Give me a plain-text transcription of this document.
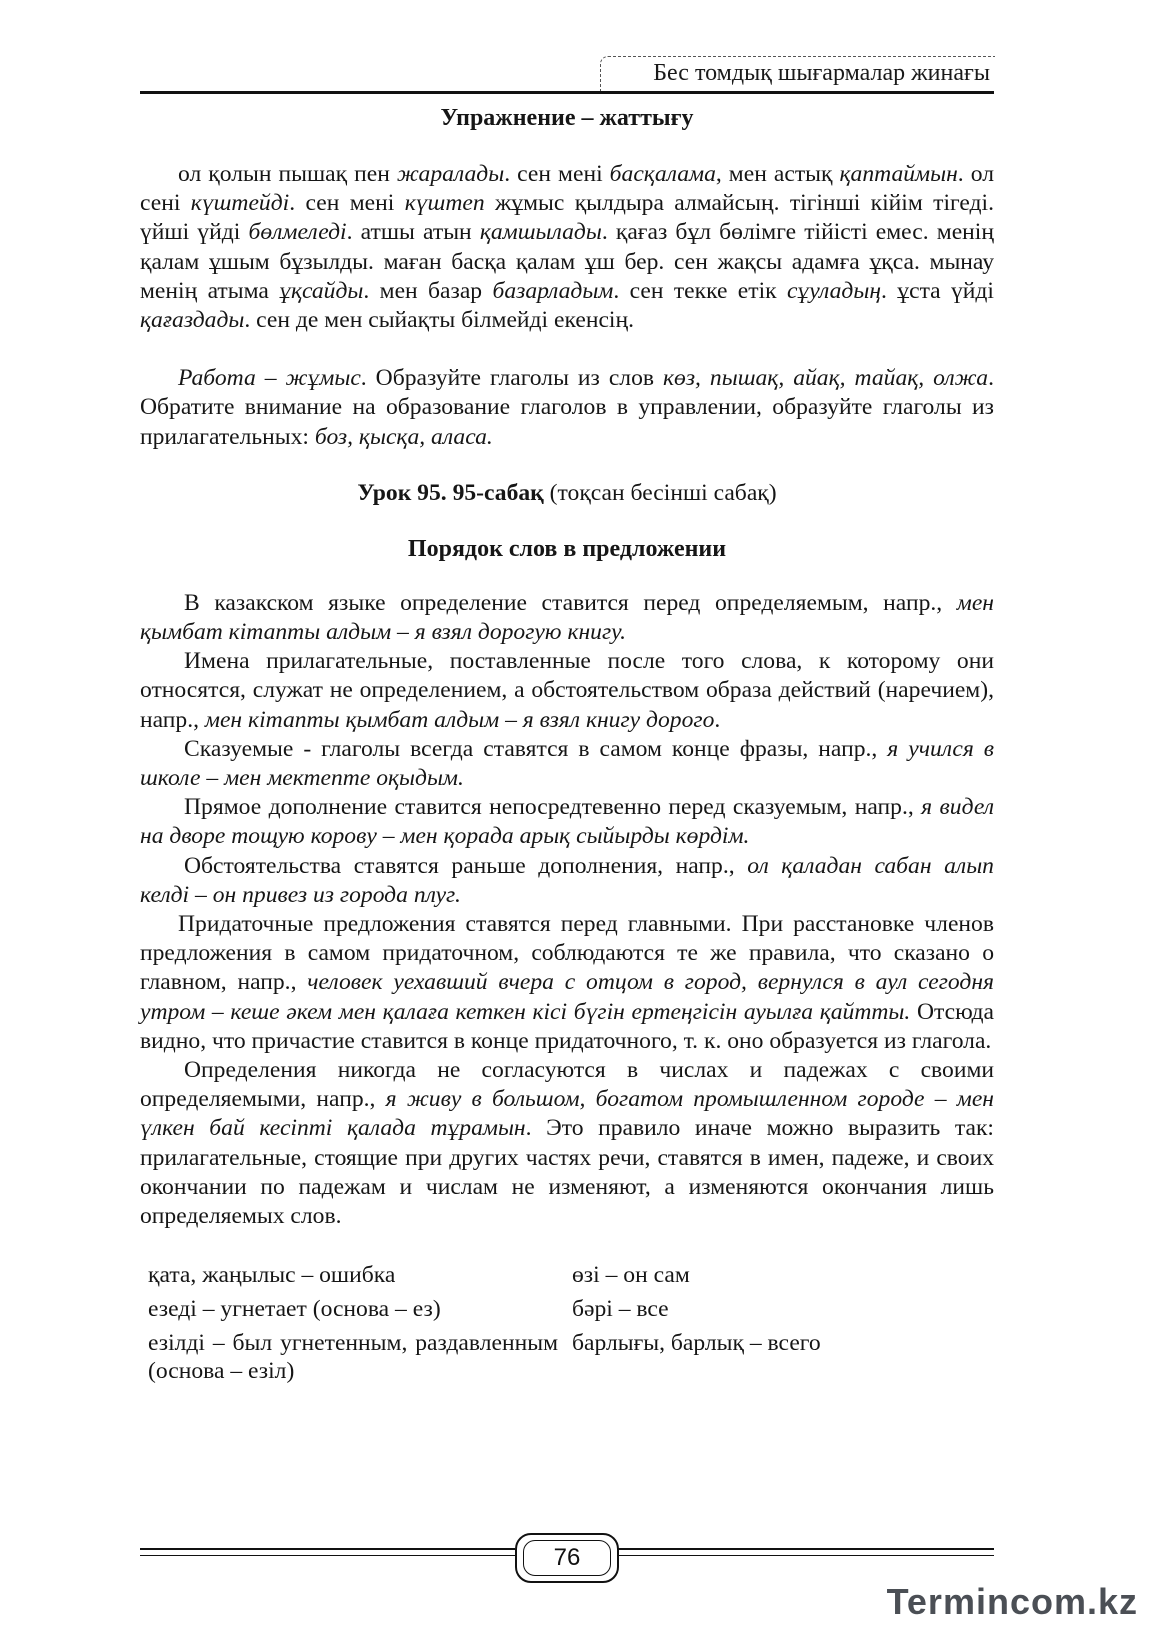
Бес томдық шығармалар жинағы
Упражнение – жаттығу

ол қолын пышақ пен жаралады. сен мені басқалама, мен астық қаптаймын. ол сені күштейді. сен мені күштеп жұмыс қылдыра алмайсың. тігінші кійім тігеді. үйші үйді бөлмеледі. атшы атын қамшылады. қағаз бұл бөлімге тійісті емес. менің қалам ұшым бұзылды. маған басқа қалам ұш бер. сен жақсы адамға ұқса. мынау менің атыма ұқсайды. мен базар базарладым. сен текке етік сұуладың. ұста үйді қағаздады. сен де мен сыйақты білмейді екенсің.

Работа – жұмыс. Образуйте глаголы из слов көз, пышақ, айақ, тайақ, олжа. Обратите внимание на образование глаголов в управлении, образуйте глаголы из прилагательных: боз, қысқа, аласа.

Урок 95. 95-сабақ (тоқсан бесінші сабақ)
Порядок слов в предложении

В казакском языке определение ставится перед определяемым, напр., мен қымбат кітапты алдым – я взял дорогую книгу.

Имена прилагательные, поставленные после того слова, к которому они относятся, служат не определением, а обстоятельством образа действий (наречием), напр., мен кітапты қымбат алдым – я взял книгу дорого.

Сказуемые - глаголы всегда ставятся в самом конце фразы, напр., я учился в школе – мен мектепте оқыдым.

Прямое дополнение ставится непосредтевенно перед сказуемым, напр., я видел на дворе тощую корову – мен қорада арық сыйырды көрдім.

Обстоятельства ставятся раньше дополнения, напр., ол қаладан сабан алып келді – он привез из города плуг.

Придаточные предложения ставятся перед главными. При расстановке членов предложения в самом придаточном, соблюдаются те же правила, что сказано о главном, напр., человек уехавший вчера с отцом в город, вернулся в аул сегодня утром – кеше әкем мен қалаға кеткен кісі бүгін ертеңгісін ауылға қайтты. Отсюда видно, что причастие ставится в конце придаточного, т. к. оно образуется из глагола.

Определения никогда не согласуются в числах и падежах с своими определяемыми, напр., я живу в большом, богатом промышленном городе – мен үлкен бай кесіпті қалада тұрамын. Это правило иначе можно выразить так: прилагательные, стоящие при других частях речи, ставятся в имен, падеже, и своих окончании по падежам и числам не изменяют, а изменяются окончания лишь определяемых слов.

қата, жаңылыс – ошибка
езеді – угнетает (основа – ез)
езілді – был угнетенным, раздавленным (основа – езіл)
өзі – он сам
бәрі – все
барлығы, барлық – всего
76
Termincom.kz
